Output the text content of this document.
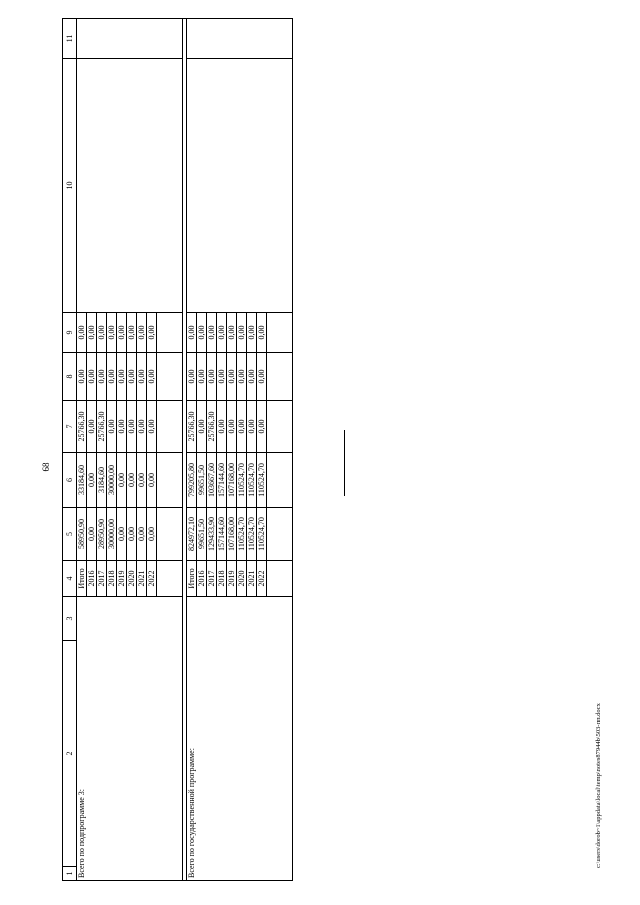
68
1	2	3	4	5	6	7	8	9	10	11
Всего по подпрограмме 3:			Итого	58950,90	33184,60	25766,30	0,00	0,00		
			2016	0,00	0,00	0,00	0,00	0,00		
			2017	28950,90	3184,60	25766,30	0,00	0,00		
			2018	30000,00	30000,00	0,00	0,00	0,00		
			2019	0,00	0,00	0,00	0,00	0,00		
			2020	0,00	0,00	0,00	0,00	0,00		
			2021	0,00	0,00	0,00	0,00	0,00		
			2022	0,00	0,00	0,00	0,00	0,00		

Всего по государственной программе:			Итого	824972,10	799205,80	25766,30	0,00	0,00		
			2016	99651,50	99651,50	0,00	0,00	0,00		
			2017	129433,90	103667,60	25766,30	0,00	0,00		
			2018	157144,60	157144,60	0,00	0,00	0,00		
			2019	107168,00	107168,00	0,00	0,00	0,00		
			2020	110524,70	110524,70	0,00	0,00	0,00		
			2021	110524,70	110524,70	0,00	0,00	0,00		
			2022	110524,70	110524,70	0,00	0,00	0,00		

c:\users\dorob~1\appdata\local\temp\notes87944b\503-пп.docx
